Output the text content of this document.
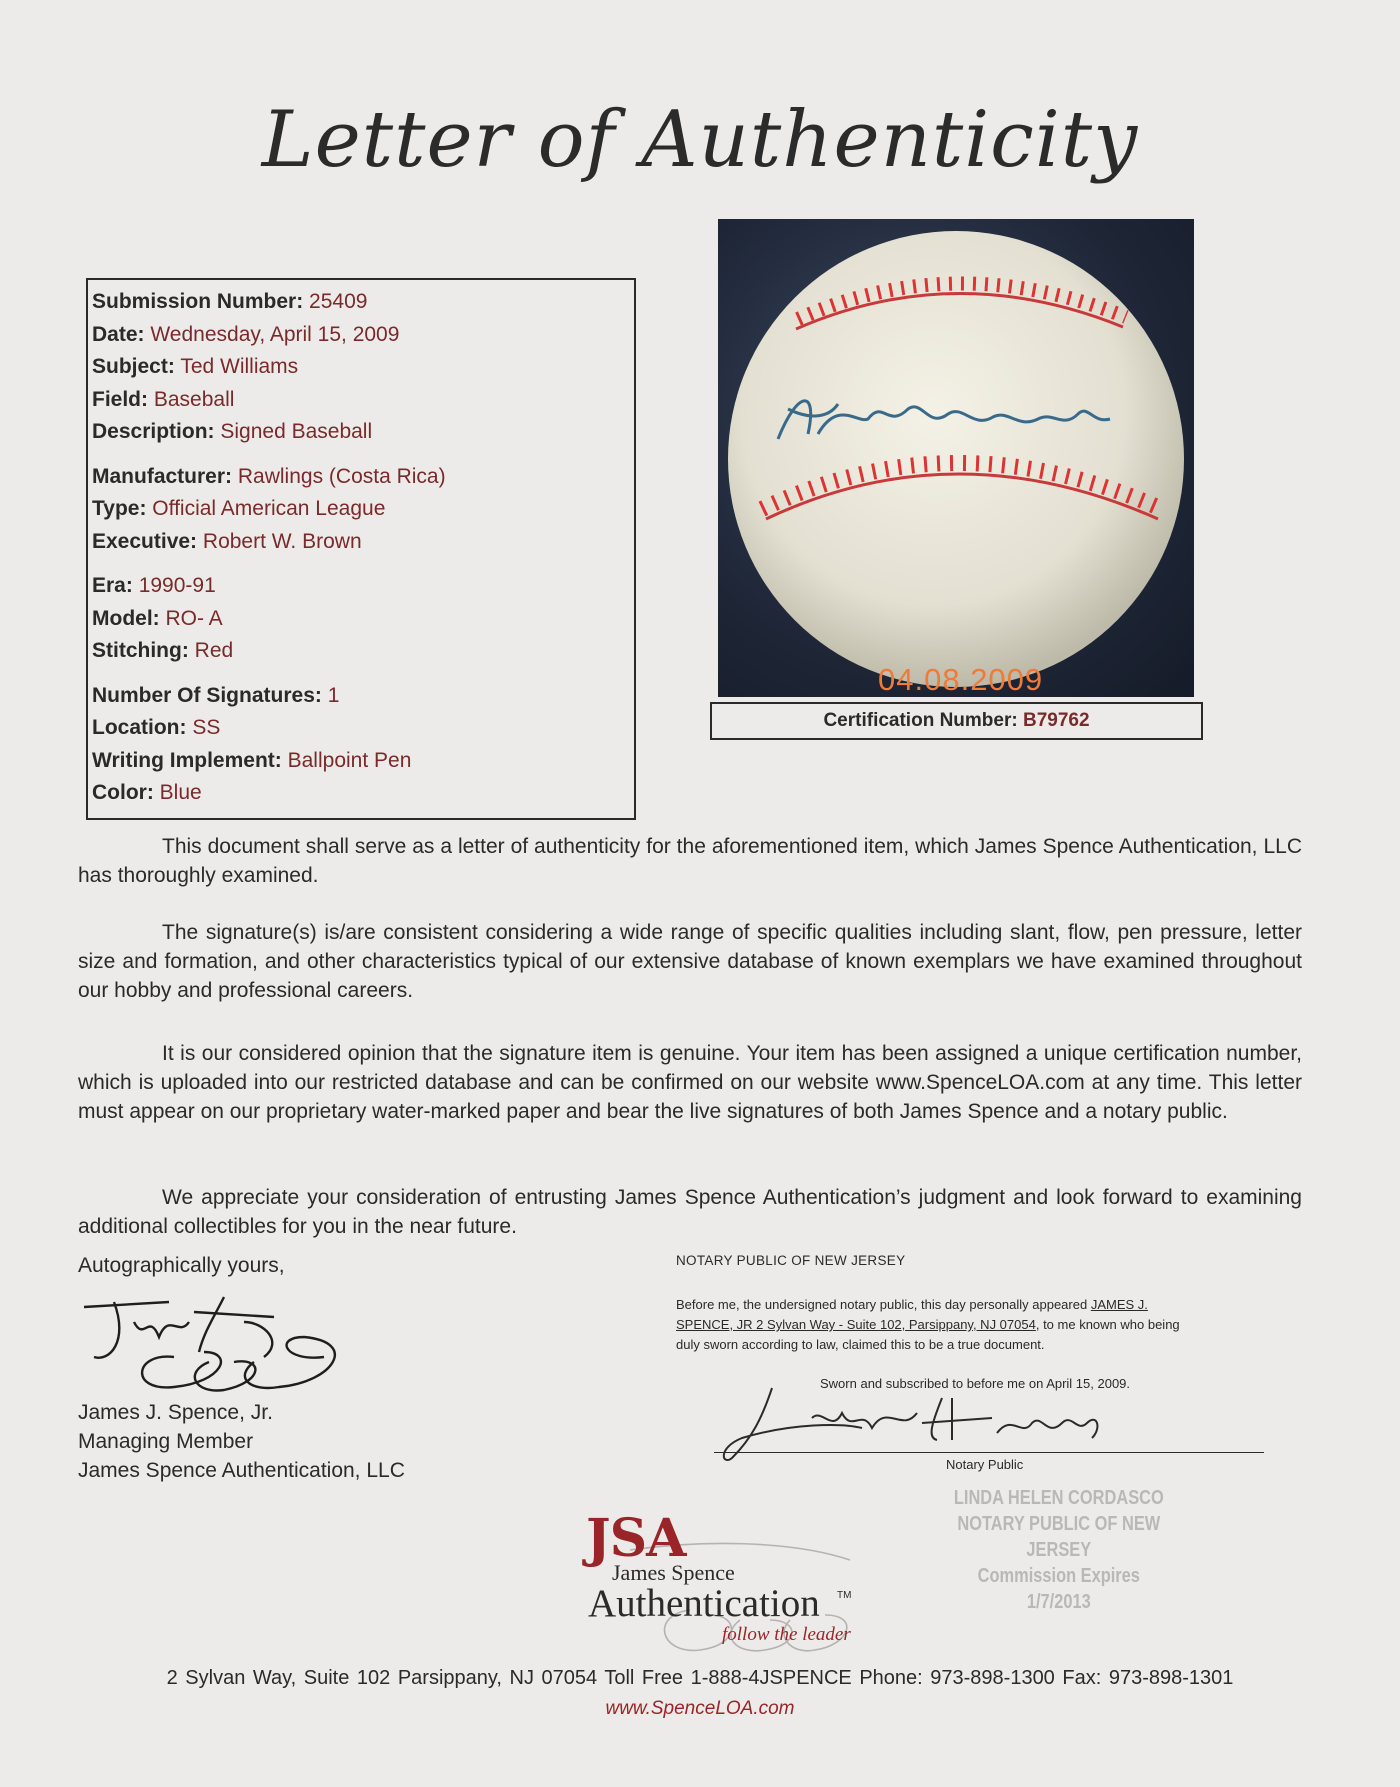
Letter of Authenticity
Submission Number: 25409
Date: Wednesday, April 15, 2009
Subject: Ted Williams
Field: Baseball
Description: Signed Baseball
Manufacturer: Rawlings (Costa Rica)
Type: Official American League
Executive: Robert W. Brown
Era: 1990-91
Model: RO- A
Stitching: Red
Number Of Signatures: 1
Location: SS
Writing Implement: Ballpoint Pen
Color: Blue
04.08.2009
Certification Number: B79762
This document shall serve as a letter of authenticity for the aforementioned item, which James Spence Authentication, LLC has thoroughly examined.
The signature(s) is/are consistent considering a wide range of specific qualities including slant, flow, pen pressure, letter size and formation, and other characteristics typical of our extensive database of known exemplars we have examined throughout our hobby and professional careers.
It is our considered opinion that the signature item is genuine. Your item has been assigned a unique certification number, which is uploaded into our restricted database and can be confirmed on our website www.SpenceLOA.com at any time. This letter must appear on our proprietary water-marked paper and bear the live signatures of both James Spence and a notary public.
We appreciate your consideration of entrusting James Spence Authentication’s judgment and look forward to examining additional collectibles for you in the near future.
Autographically yours,
James J. Spence, Jr.
Managing Member
James Spence Authentication, LLC
NOTARY PUBLIC OF NEW JERSEY
Before me, the undersigned notary public, this day personally appeared JAMES J. SPENCE, JR 2 Sylvan Way - Suite 102, Parsippany, NJ 07054, to me known who being duly sworn according to law, claimed this to be a true document.
Sworn and subscribed to before me on April 15, 2009.
Notary Public
LINDA HELEN CORDASCO
NOTARY PUBLIC OF NEW JERSEY
Commission Expires 1/7/2013
JSA
James Spence
Authentication TM
follow the leader
2 Sylvan Way, Suite 102 Parsippany, NJ 07054 Toll Free 1-888-4JSPENCE Phone: 973-898-1300 Fax: 973-898-1301
www.SpenceLOA.com
